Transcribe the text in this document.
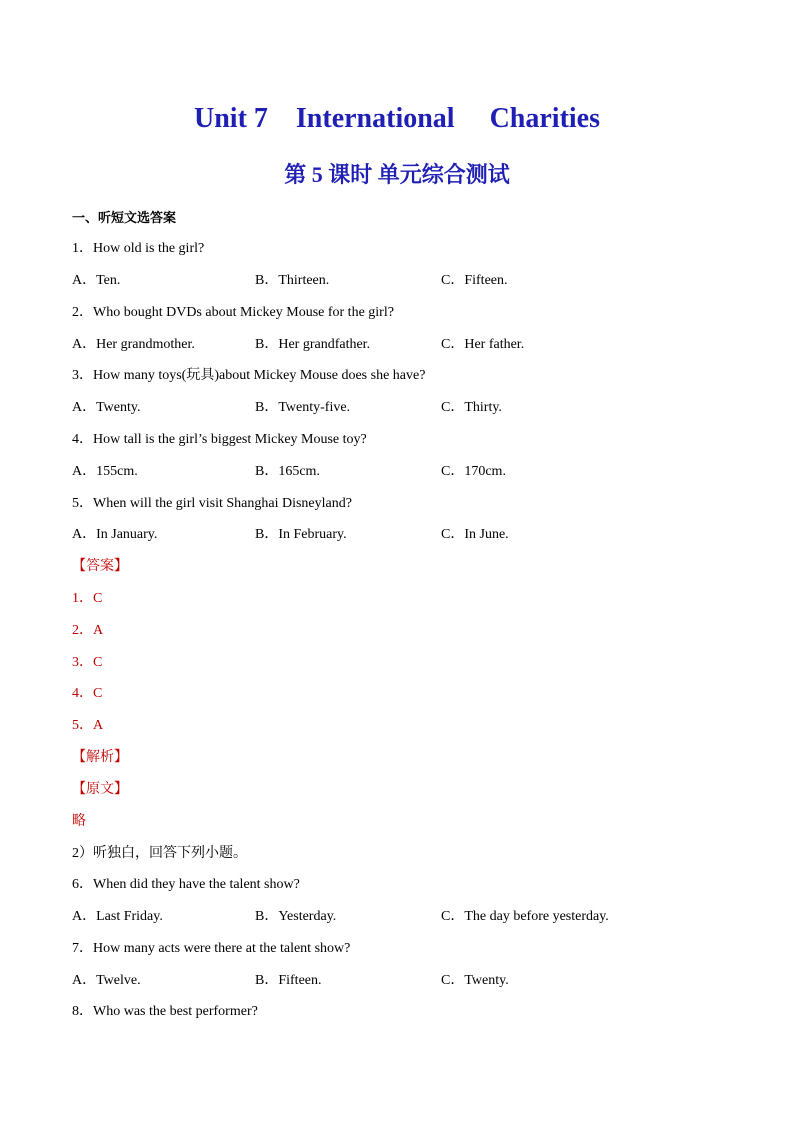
Unit 7    International     Charities
第 5 课时 单元综合测试
一、听短文选答案
1．How old is the girl?
A．Ten.	B．Thirteen.	C．Fifteen.
2．Who bought DVDs about Mickey Mouse for the girl?
A．Her grandmother.	B．Her grandfather.	C．Her father.
3．How many toys(玩具)about Mickey Mouse does she have?
A．Twenty.	B．Twenty-five.	C．Thirty.
4．How tall is the girl’s biggest Mickey Mouse toy?
A．155cm.	B．165cm.	C．170cm.
5．When will the girl visit Shanghai Disneyland?
A．In January.	B．In February.	C．In June.
【答案】
1．C
2．A
3．C
4．C
5．A
【解析】
【原文】
略
2）听独白，回答下列小题。
6．When did they have the talent show?
A．Last Friday.	B．Yesterday.	C．The day before yesterday.
7．How many acts were there at the talent show?
A．Twelve.	B．Fifteen.	C．Twenty.
8．Who was the best performer?
